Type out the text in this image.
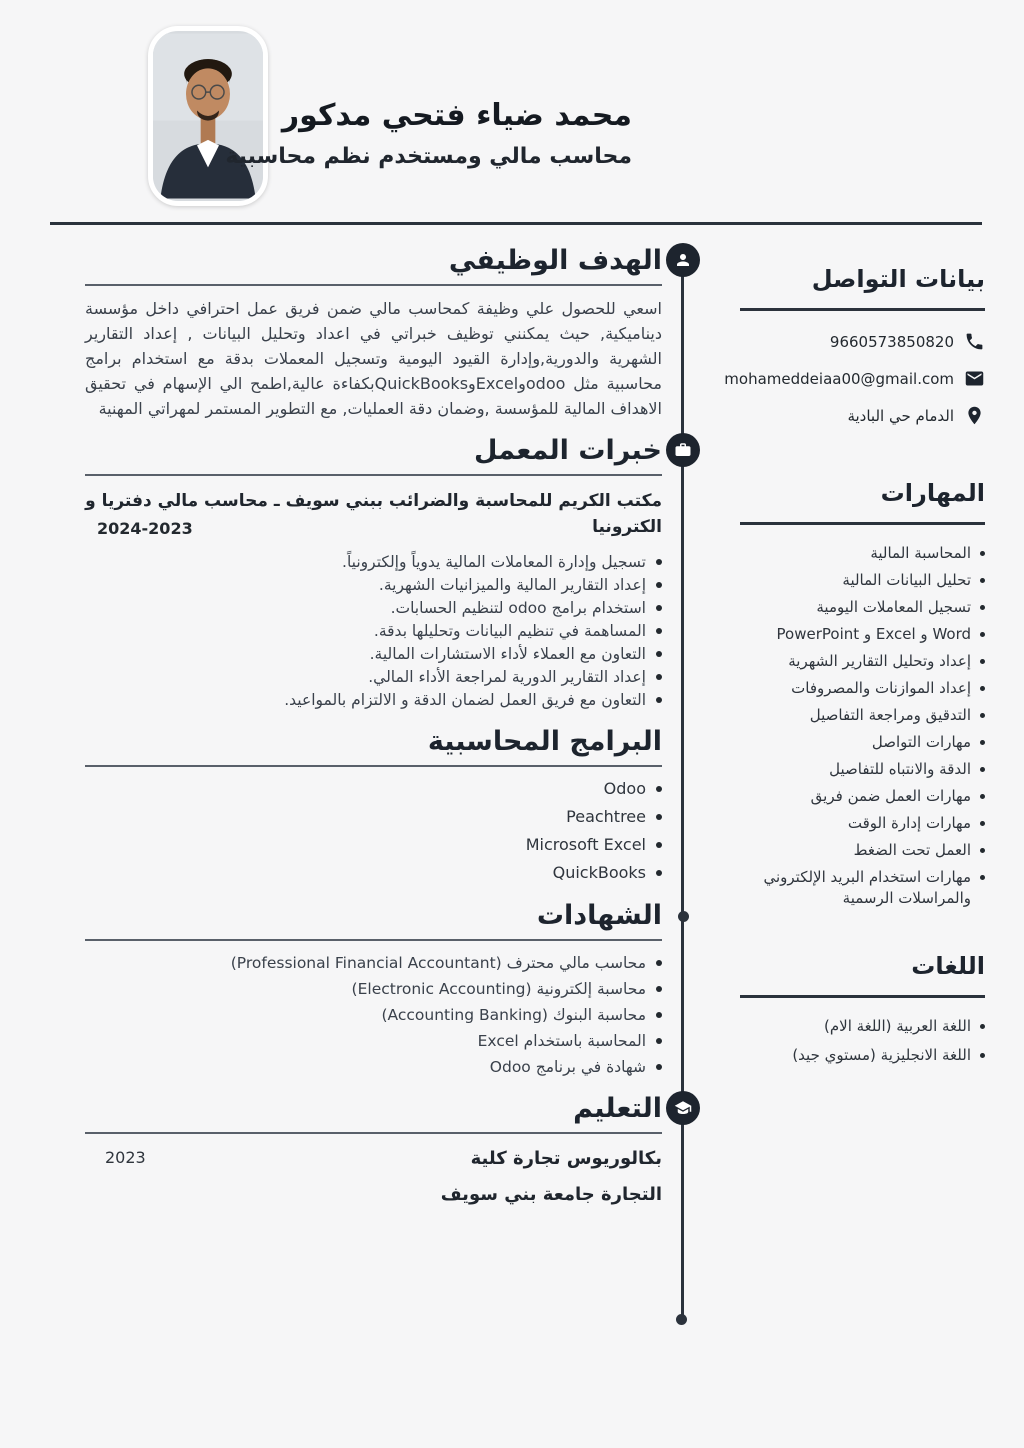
محمد ضياء فتحي مدكور
محاسب مالي ومستخدم نظم محاسبية
الهدف الوظيفي

اسعي للحصول علي وظيفة كمحاسب مالي ضمن فريق عمل احترافي داخل مؤسسة ديناميكية, حيث يمكنني توظيف خبراتي في اعداد وتحليل البيانات , إعداد التقارير الشهرية والدورية,وإدارة القيود اليومية وتسجيل المعملات بدقة مع استخدام برامج محاسبية مثل odooوExcelوQuickBooksبكفاءة عالية,اطمح الي الإسهام في تحقيق الاهداف المالية للمؤسسة ,وضمان دقة العمليات, مع التطوير المستمر لمهراتي المهنية

خبرات المعمل
مكتب الكريم للمحاسبة والضرائب ببني سويف ـ محاسب مالي دفتريا و الكترونيا
2024-2023
تسجيل وإدارة المعاملات المالية يدوياً وإلكترونياً.
إعداد التقارير المالية والميزانيات الشهرية.
استخدام برامج odoo لتنظيم الحسابات.
المساهمة في تنظيم البيانات وتحليلها بدقة.
التعاون مع العملاء لأداء الاستشارات المالية.
إعداد التقارير الدورية لمراجعة الأداء المالي.
التعاون مع فريق العمل لضمان الدقة و الالتزام بالمواعيد.
البرامج المحاسبية
Odoo
Peachtree
Microsoft Excel
QuickBooks
الشهادات
محاسب مالي محترف (Professional Financial Accountant)
محاسبة إلكترونية (Electronic Accounting)
محاسبة البنوك (Accounting Banking)
المحاسبة باستخدام Excel
شهادة في برنامج Odoo
التعليم
بكالوريوس تجارة كلية
التجارة جامعة بني سويف
2023
بيانات التواصل
9660573850820
mohameddeiaa00@gmail.com
الدمام حي البادية
المهارات
المحاسبة المالية
تحليل البيانات المالية
تسجيل المعاملات اليومية
Word و Excel و PowerPoint
إعداد وتحليل التقارير الشهرية
إعداد الموازنات والمصروفات
التدقيق ومراجعة التفاصيل
مهارات التواصل
الدقة والانتباه للتفاصيل
مهارات العمل ضمن فريق
مهارات إدارة الوقت
العمل تحت الضغط
مهارات استخدام البريد الإلكتروني والمراسلات الرسمية
اللغات
اللغة العربية (اللغة الام)
اللغة الانجليزية (مستوي جيد)
